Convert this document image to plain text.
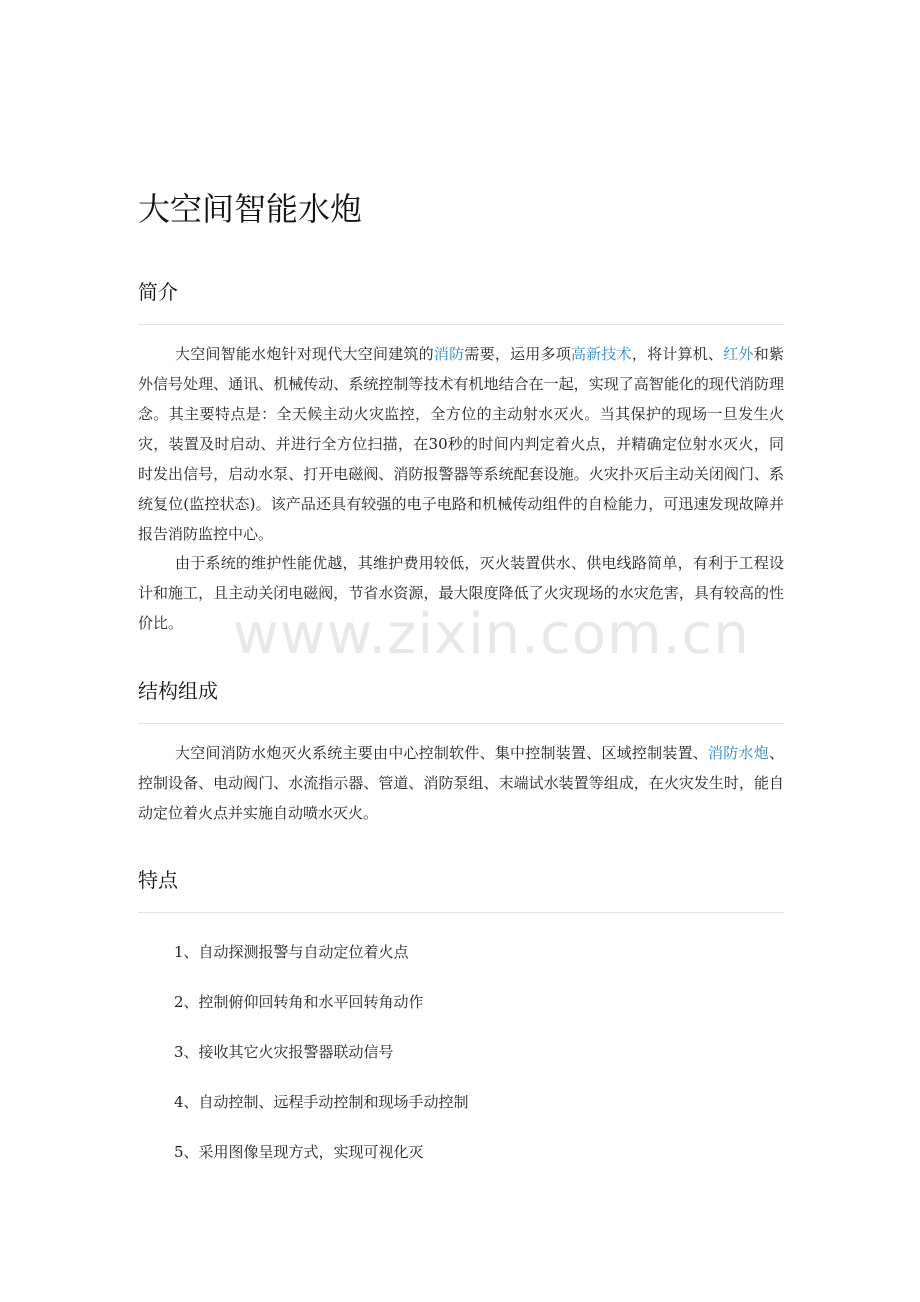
大空间智能水炮
简介

大空间智能水炮针对现代大空间建筑的消防需要，运用多项高新技术，将计算机、红外和紫外信号处理、通讯、机械传动、系统控制等技术有机地结合在一起，实现了高智能化的现代消防理念。其主要特点是：全天候主动火灾监控，全方位的主动射水灭火。当其保护的现场一旦发生火灾，装置及时启动、并进行全方位扫描，在30秒的时间内判定着火点，并精确定位射水灭火，同时发出信号，启动水泵、打开电磁阀、消防报警器等系统配套设施。火灾扑灭后主动关闭阀门、系统复位(监控状态)。该产品还具有较强的电子电路和机械传动组件的自检能力，可迅速发现故障并报告消防监控中心。

由于系统的维护性能优越，其维护费用较低，灭火装置供水、供电线路简单，有利于工程设计和施工，且主动关闭电磁阀，节省水资源，最大限度降低了火灾现场的水灾危害，具有较高的性价比。

结构组成

大空间消防水炮灭火系统主要由中心控制软件、集中控制装置、区域控制装置、消防水炮、控制设备、电动阀门、水流指示器、管道、消防泵组、末端试水装置等组成，在火灾发生时，能自动定位着火点并实施自动喷水灭火。

特点
1、自动探测报警与自动定位着火点
2、控制俯仰回转角和水平回转角动作
3、接收其它火灾报警器联动信号
4、自动控制、远程手动控制和现场手动控制
5、采用图像呈现方式，实现可视化灭
www.zixin.com.cn
